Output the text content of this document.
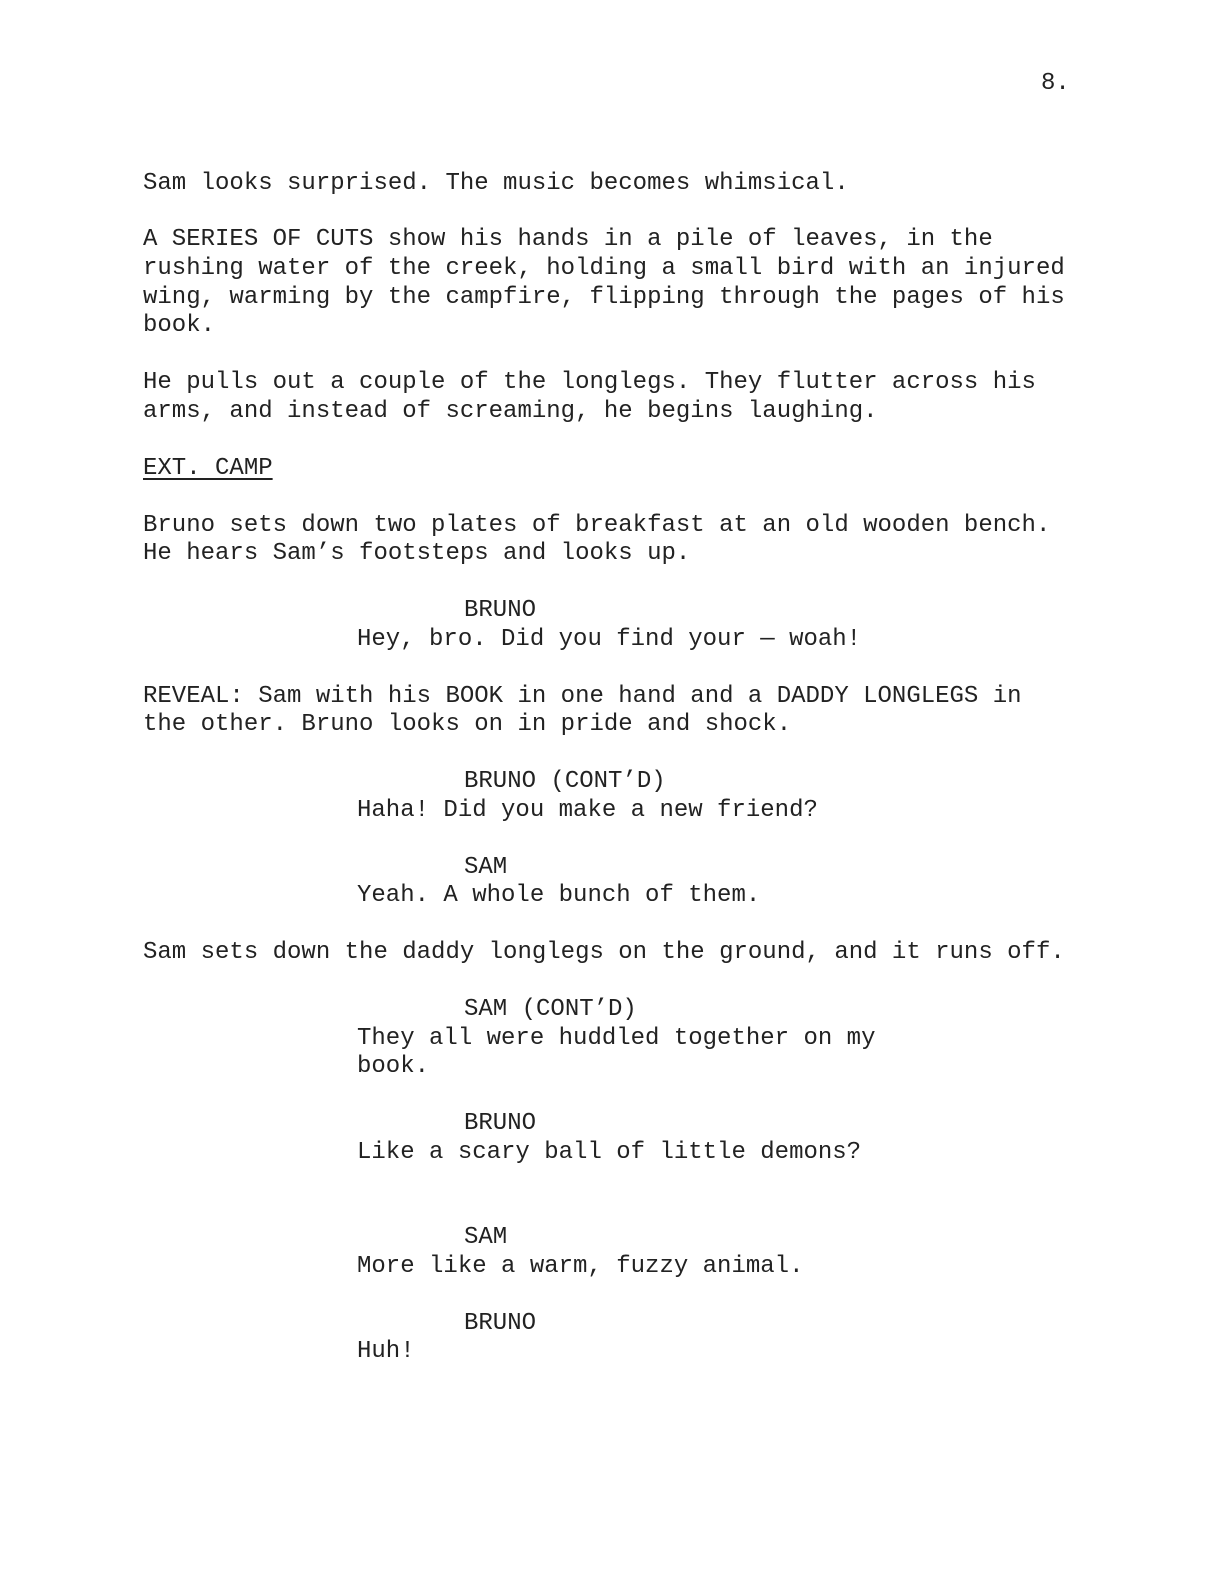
8.
Sam looks surprised. The music becomes whimsical.
A SERIES OF CUTS show his hands in a pile of leaves, in the
rushing water of the creek, holding a small bird with an injured
wing, warming by the campfire, flipping through the pages of his
book.
He pulls out a couple of the longlegs. They flutter across his
arms, and instead of screaming, he begins laughing.
EXT. CAMP
Bruno sets down two plates of breakfast at an old wooden bench.
He hears Sam’s footsteps and looks up.
BRUNO
Hey, bro. Did you find your — woah!
REVEAL: Sam with his BOOK in one hand and a DADDY LONGLEGS in
the other. Bruno looks on in pride and shock.
BRUNO (CONT’D)
Haha! Did you make a new friend?
SAM
Yeah. A whole bunch of them.
Sam sets down the daddy longlegs on the ground, and it runs off.
SAM (CONT’D)
They all were huddled together on my
book.
BRUNO
Like a scary ball of little demons?
SAM
More like a warm, fuzzy animal.
BRUNO
Huh!
